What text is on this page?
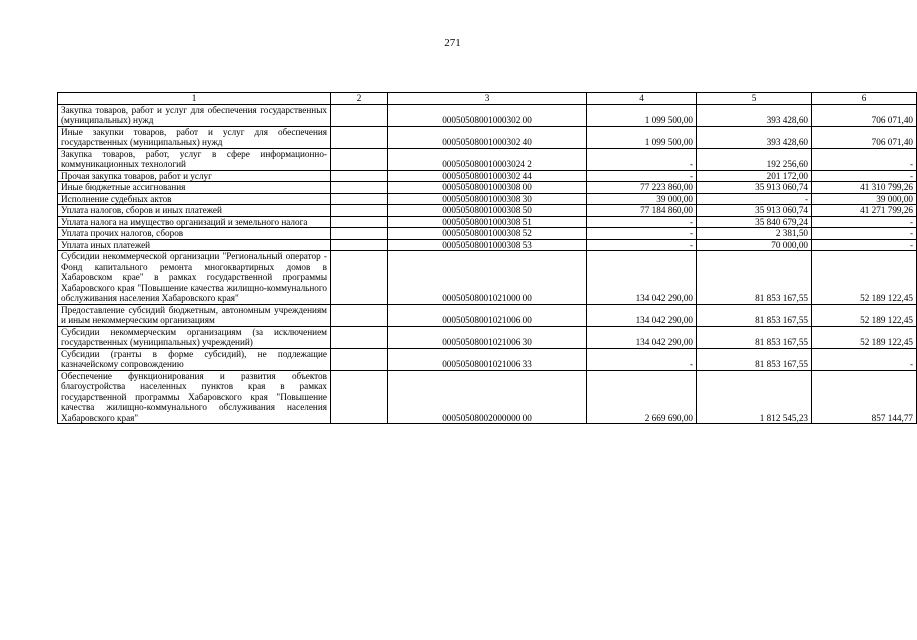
271
1	2	3	4	5	6
Закупка товаров, работ и услуг для обеспечения государственных (муниципальных) нужд		00050508001000302 00	1 099 500,00	393 428,60	706 071,40
Иные закупки товаров, работ и услуг для обеспечения государственных (муниципальных) нужд		00050508001000302 40	1 099 500,00	393 428,60	706 071,40
Закупка товаров, работ, услуг в сфере информационно-коммуникационных технологий		000505080010003024 2	-	192 256,60	-
Прочая закупка товаров, работ и услуг		00050508001000302 44	-	201 172,00	-
Иные бюджетные ассигнования		00050508001000308 00	77 223 860,00	35 913 060,74	41 310 799,26
Исполнение судебных актов		00050508001000308 30	39 000,00	-	39 000,00
Уплата налогов, сборов и иных платежей		00050508001000308 50	77 184 860,00	35 913 060,74	41 271 799,26
Уплата налога на имущество организаций и земельного налога		00050508001000308 51	-	35 840 679,24	-
Уплата прочих налогов, сборов		00050508001000308 52	-	2 381,50	-
Уплата иных платежей		00050508001000308 53	-	70 000,00	-
Субсидии некоммерческой организации "Региональный оператор - Фонд капитального ремонта многоквартирных домов в Хабаровском крае" в рамках государственной программы Хабаровского края "Повышение качества жилищно-коммунального обслуживания населения Хабаровского края"		00050508001021000 00	134 042 290,00	81 853 167,55	52 189 122,45
Предоставление субсидий бюджетным, автономным учреждениям и иным некоммерческим организациям		00050508001021006 00	134 042 290,00	81 853 167,55	52 189 122,45
Субсидии некоммерческим организациям (за исключением государственных (муниципальных) учреждений)		00050508001021006 30	134 042 290,00	81 853 167,55	52 189 122,45
Субсидии (гранты в форме субсидий), не подлежащие казначейскому сопровождению		00050508001021006 33	-	81 853 167,55	-
Обеспечение функционирования и развития объектов благоустройства населенных пунктов края в рамках государственной программы Хабаровского края "Повышение качества жилищно-коммунального обслуживания населения Хабаровского края"		00050508002000000 00	2 669 690,00	1 812 545,23	857 144,77
